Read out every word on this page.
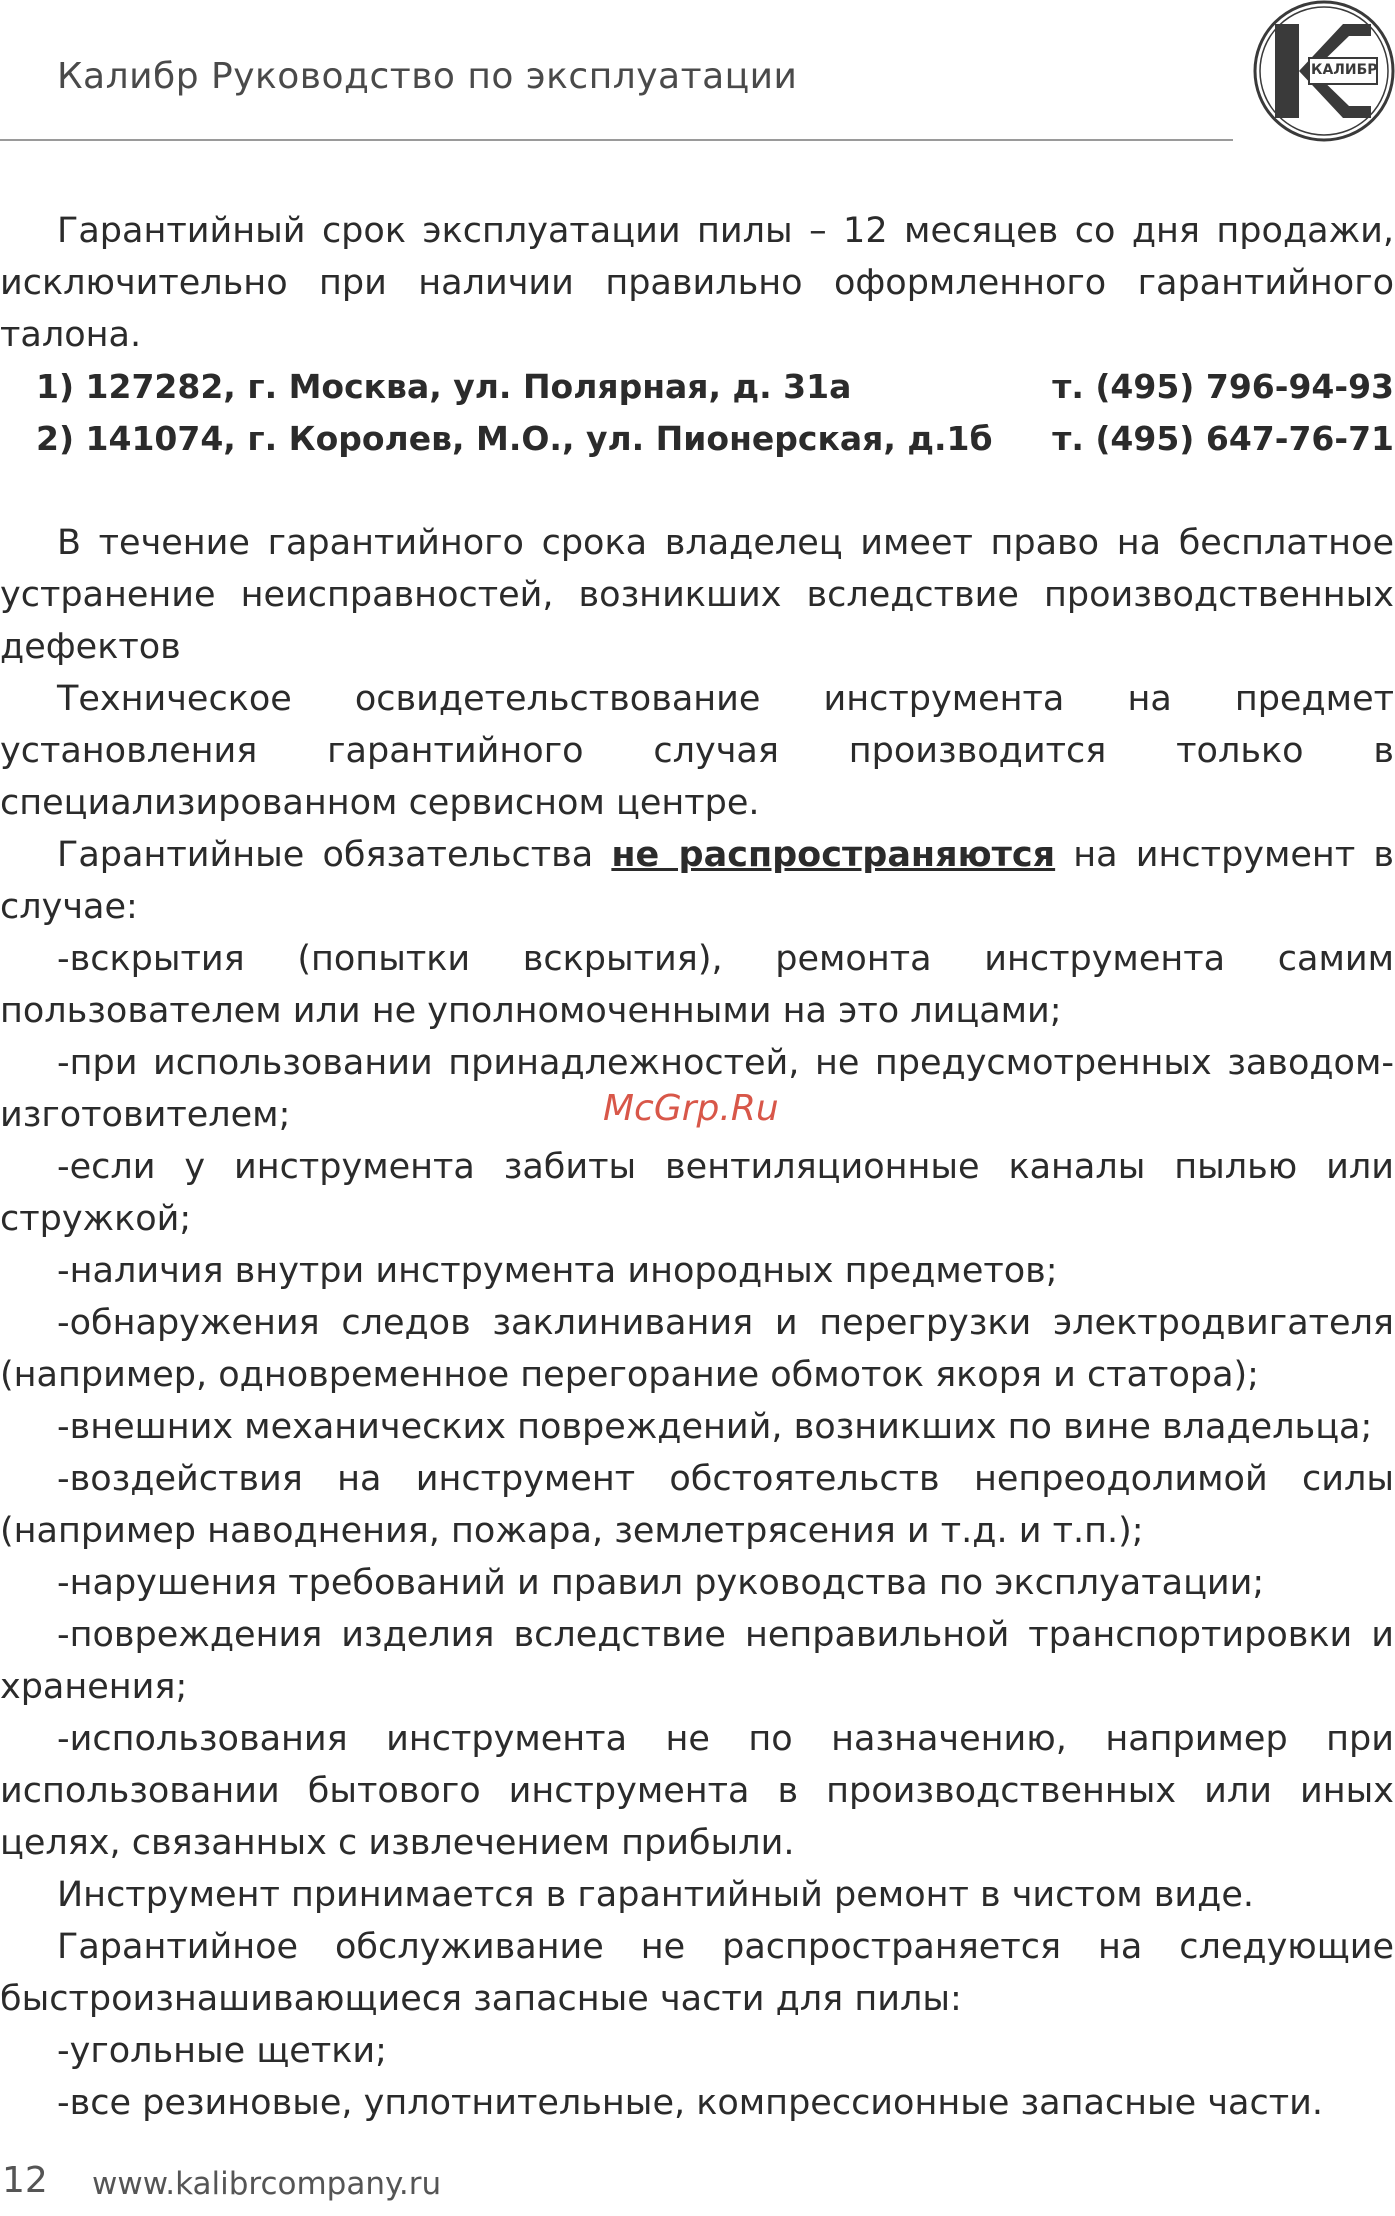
Калибр Руководство по эксплуатации	КАЛИБР

Гарантийный срок эксплуатации пилы – 12 месяцев со дня продажи, исключительно при наличии правильно оформленного гарантийного талона.

1) 127282, г. Москва, ул. Полярная, д. 31а	т. (495) 796-94-93
2) 141074, г. Королев, М.О., ул. Пионерская, д.1б т. (495) 647-76-71

В течение гарантийного срока владелец имеет право на бесплатное устранение неисправностей, возникших вследствие производственных дефектов

Техническое освидетельствование инструмента на предмет установления гарантийного случая производится только в специализированном сервисном центре.

Гарантийные обязательства не распространяются на инструмент в случае:

-вскрытия (попытки вскрытия), ремонта инструмента самим пользователем или не уполномоченными на это лицами;

-при использовании принадлежностей, не предусмотренных заводом-изготовителем;

-если у инструмента забиты вентиляционные каналы пылью или стружкой;

-наличия внутри инструмента инородных предметов;

-обнаружения следов заклинивания и перегрузки электродвигателя (например, одновременное перегорание обмоток якоря и статора);

-внешних механических повреждений, возникших по вине владельца;

-воздействия на инструмент обстоятельств непреодолимой силы (например наводнения, пожара, землетрясения и т.д. и т.п.);

-нарушения требований и правил руководства по эксплуатации;

-повреждения изделия вследствие неправильной транспортировки и хранения;

-использования инструмента не по назначению, например при использовании бытового инструмента в производственных или иных целях, связанных с извлечением прибыли.

Инструмент принимается в гарантийный ремонт в чистом виде.

Гарантийное обслуживание не распространяется на следующие быстроизнашивающиеся запасные части для пилы:

-угольные щетки;

-все резиновые, уплотнительные, компрессионные запасные части.

McGrp.Ru
12 www.kalibrcompany.ru
